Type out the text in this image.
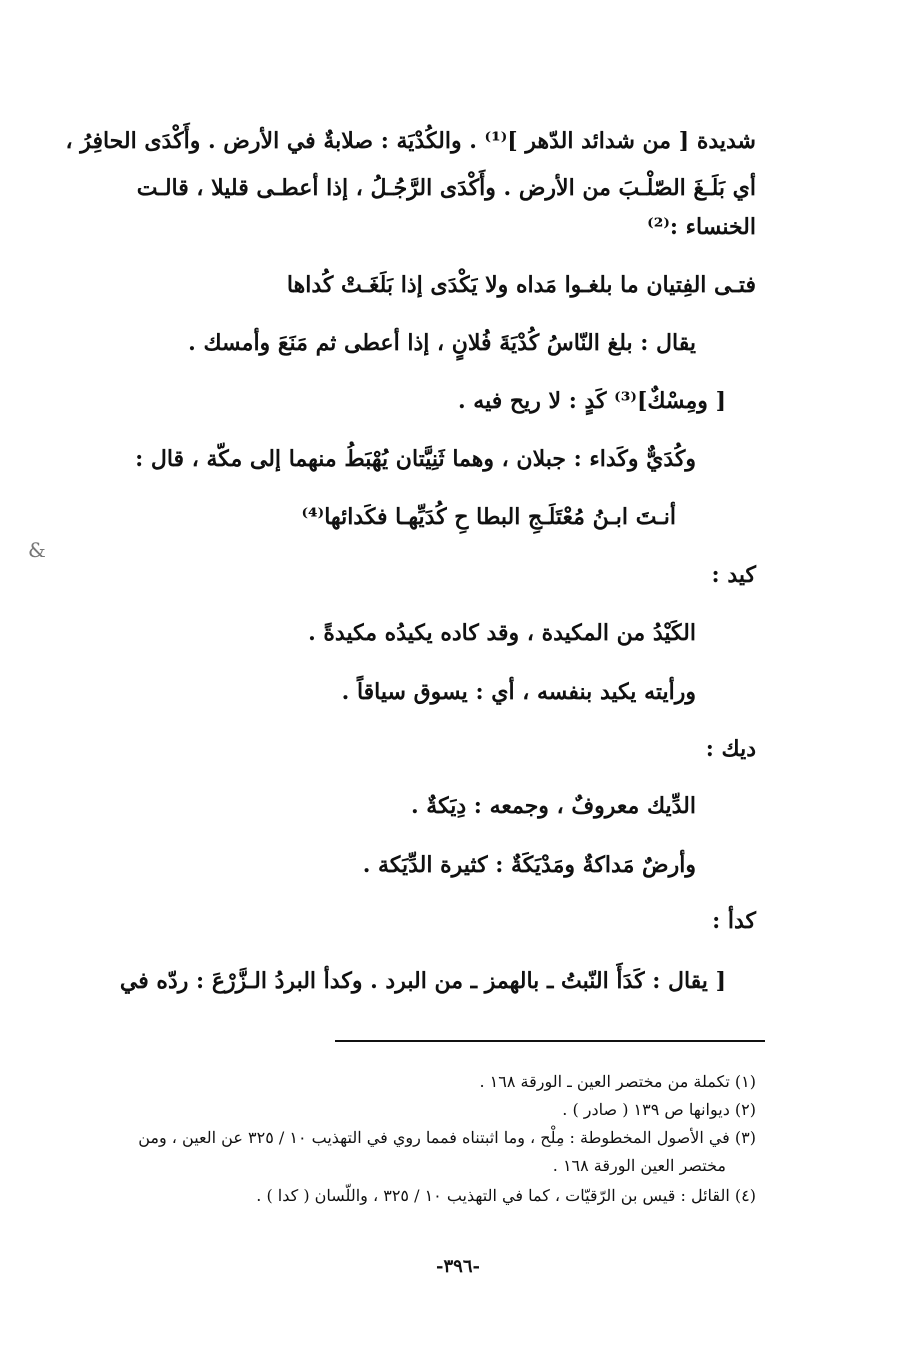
شديدة [ من شدائد الدّهر ]⁽¹⁾ . والكُدْيَة : صلابةٌ في الأرض . وأَكْدَى الحافِرُ ،
أي بَلَـغَ الصّلْـبَ من الأرض . وأَكْدَى الرَّجُـلُ ، إذا أعطـى قليلا ، قالـت
الخنساء :⁽²⁾
فتـى الفِتيان ما بلغـوا مَداه ولا يَكْدَى إذا بَلَغَـتْ كُداها
يقال : بلغ النّاسُ كُدْيَةَ فُلانٍ ، إذا أعطى ثم مَنَعَ وأمسك .
[ ومِسْكٌ]⁽³⁾ كَدٍ : لا ريح فيه .
وكُدَيٌّ وكَداء : جبلان ، وهما ثَنِيَّتان يُهْبَطُ منهما إلى مكّة ، قال :
أنـتَ ابـنُ مُعْتَلَـجِ البطا حِ كُدَيِّهـا فكَدائها⁽⁴⁾
كيد :
الكَيْدُ من المكيدة ، وقد كاده يكيدُه مكيدةً .
ورأيته يكيد بنفسه ، أي : يسوق سياقاً .
ديك :
الدِّيك معروفٌ ، وجمعه : دِيَكةٌ .
وأرضٌ مَداكةٌ ومَدْيَكَةٌ : كثيرة الدِّيَكة .
كدأ :
[ يقال : كَدَأَ النّبتُ ـ بالهمز ـ من البرد . وكدأ البردُ الـزَّرْعَ : ردّه في
(١) تكملة من مختصر العين ـ الورقة ١٦٨ .
(٢) ديوانها ص ١٣٩ ( صادر ) .
(٣) في الأصول المخطوطة : مِلْح ، وما اثبتناه فمما روي في التهذيب ١٠ / ٣٢٥ عن العين ، ومن
مختصر العين الورقة ١٦٨ .
(٤) القائل : قيس بن الرّقيّات ، كما في التهذيب ١٠ / ٣٢٥ ، واللّسان ( كدا ) .
-٣٩٦-
&
